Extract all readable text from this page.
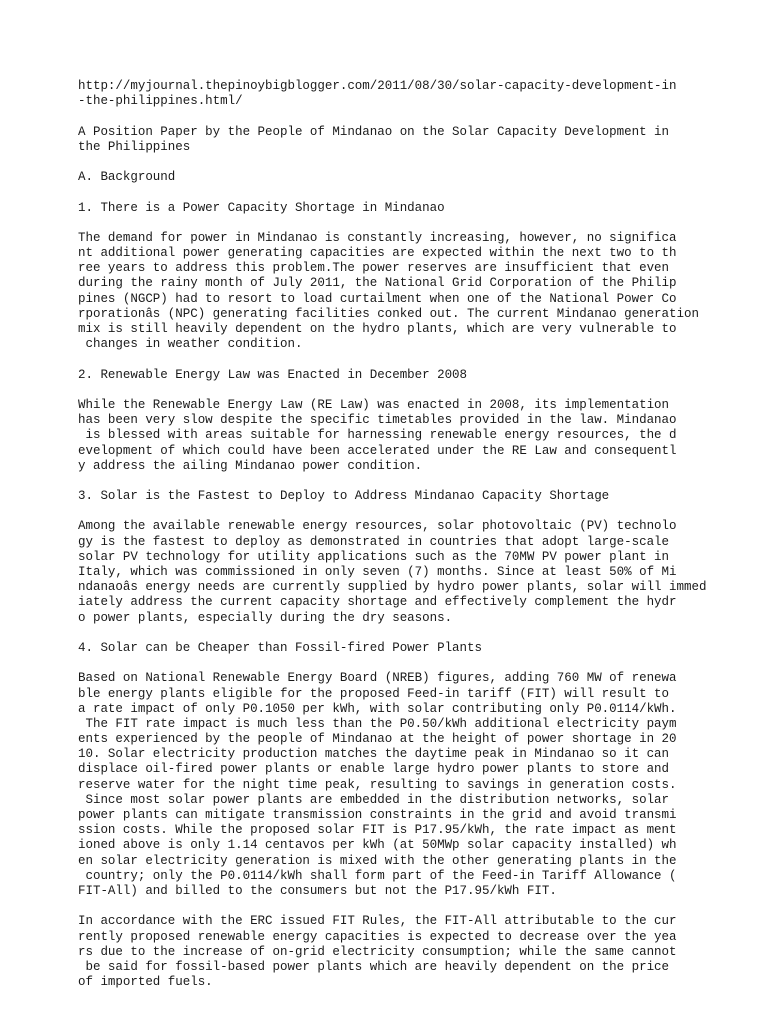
http://myjournal.thepinoybigblogger.com/2011/08/30/solar-capacity-development-in
-the-philippines.html/
A Position Paper by the People of Mindanao on the Solar Capacity Development in
the Philippines
A. Background
1. There is a Power Capacity Shortage in Mindanao
The demand for power in Mindanao is constantly increasing, however, no significa
nt additional power generating capacities are expected within the next two to th
ree years to address this problem.The power reserves are insufficient that even
during the rainy month of July 2011, the National Grid Corporation of the Philip
pines (NGCP) had to resort to load curtailment when one of the National Power Co
rporationâs (NPC) generating facilities conked out. The current Mindanao generation
mix is still heavily dependent on the hydro plants, which are very vulnerable to
changes in weather condition.
2. Renewable Energy Law was Enacted in December 2008
While the Renewable Energy Law (RE Law) was enacted in 2008, its implementation
has been very slow despite the specific timetables provided in the law. Mindanao
is blessed with areas suitable for harnessing renewable energy resources, the d
evelopment of which could have been accelerated under the RE Law and consequentl
y address the ailing Mindanao power condition.
3. Solar is the Fastest to Deploy to Address Mindanao Capacity Shortage
Among the available renewable energy resources, solar photovoltaic (PV) technolo
gy is the fastest to deploy as demonstrated in countries that adopt large-scale
solar PV technology for utility applications such as the 70MW PV power plant in
Italy, which was commissioned in only seven (7) months. Since at least 50% of Mi
ndanaoâs energy needs are currently supplied by hydro power plants, solar will immed
iately address the current capacity shortage and effectively complement the hydr
o power plants, especially during the dry seasons.
4. Solar can be Cheaper than Fossil-fired Power Plants
Based on National Renewable Energy Board (NREB) figures, adding 760 MW of renewa
ble energy plants eligible for the proposed Feed-in tariff (FIT) will result to
a rate impact of only P0.1050 per kWh, with solar contributing only P0.0114/kWh.
The FIT rate impact is much less than the P0.50/kWh additional electricity paym
ents experienced by the people of Mindanao at the height of power shortage in 20
10. Solar electricity production matches the daytime peak in Mindanao so it can
displace oil-fired power plants or enable large hydro power plants to store and
reserve water for the night time peak, resulting to savings in generation costs.
Since most solar power plants are embedded in the distribution networks, solar
power plants can mitigate transmission constraints in the grid and avoid transmi
ssion costs. While the proposed solar FIT is P17.95/kWh, the rate impact as ment
ioned above is only 1.14 centavos per kWh (at 50MWp solar capacity installed) wh
en solar electricity generation is mixed with the other generating plants in the
country; only the P0.0114/kWh shall form part of the Feed-in Tariff Allowance (
FIT-All) and billed to the consumers but not the P17.95/kWh FIT.
In accordance with the ERC issued FIT Rules, the FIT-All attributable to the cur
rently proposed renewable energy capacities is expected to decrease over the yea
rs due to the increase of on-grid electricity consumption; while the same cannot
be said for fossil-based power plants which are heavily dependent on the price
of imported fuels.
